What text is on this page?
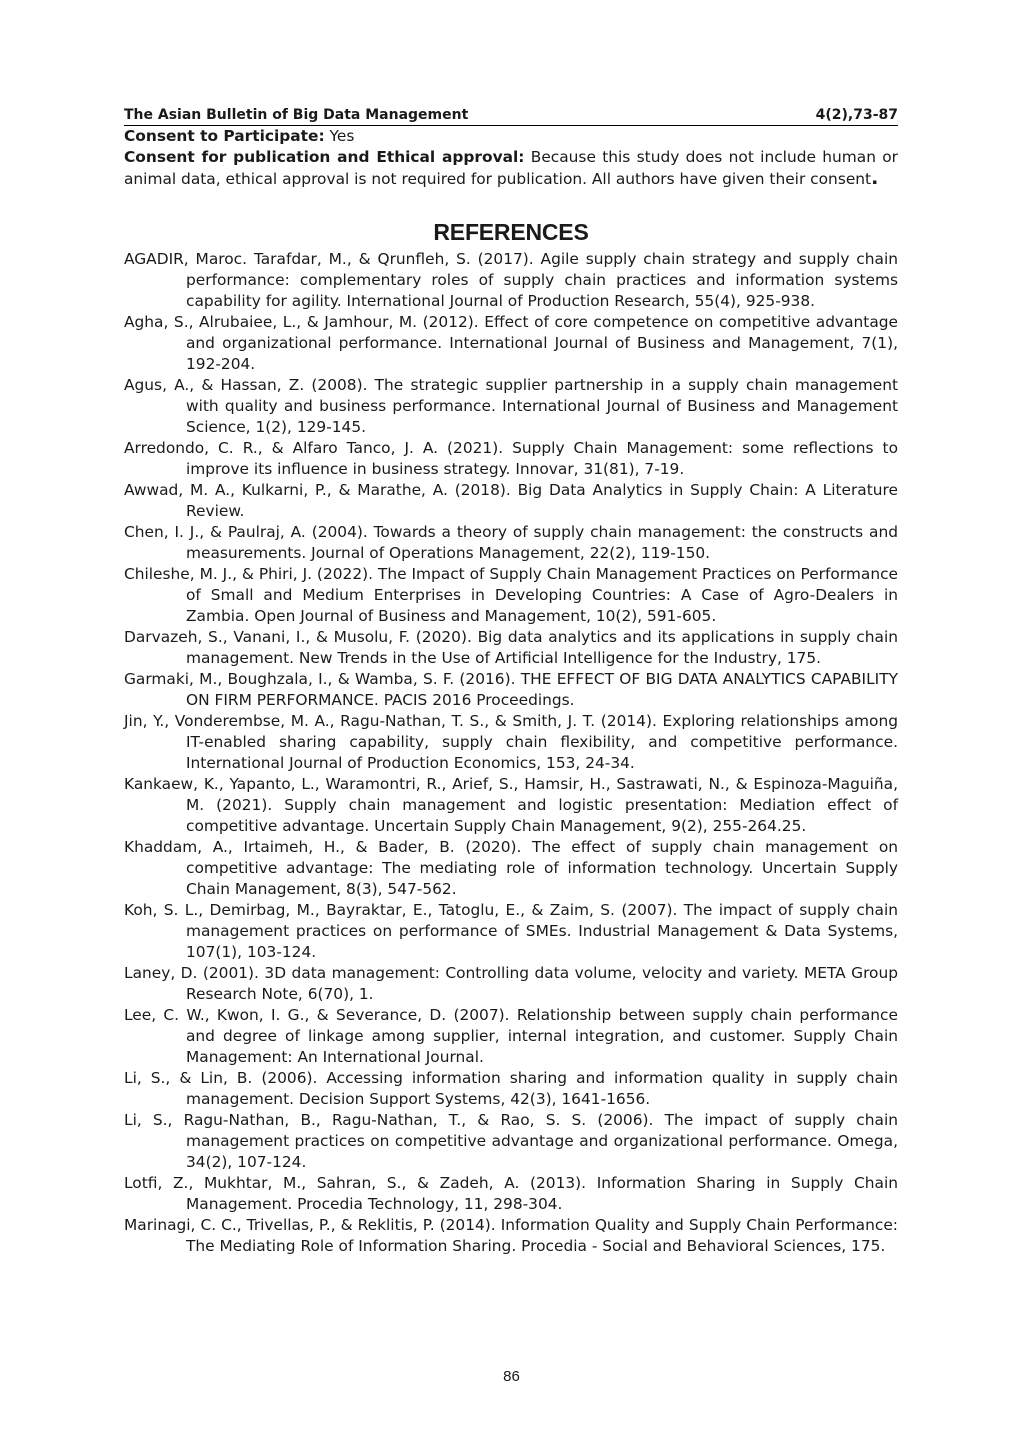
The Asian Bulletin of Big Data Management	4(2),73-87

Consent to Participate: Yes

Consent for publication and Ethical approval: Because this study does not include human or animal data, ethical approval is not required for publication. All authors have given their consent.

REFERENCES
AGADIR, Maroc. Tarafdar, M., & Qrunfleh, S. (2017). Agile supply chain strategy and supply chain performance: complementary roles of supply chain practices and information systems capability for agility. International Journal of Production Research, 55(4), 925-938.
Agha, S., Alrubaiee, L., & Jamhour, M. (2012). Effect of core competence on competitive advantage and organizational performance. International Journal of Business and Management, 7(1), 192-204.
Agus, A., & Hassan, Z. (2008). The strategic supplier partnership in a supply chain management with quality and business performance. International Journal of Business and Management Science, 1(2), 129-145.
Arredondo, C. R., & Alfaro Tanco, J. A. (2021). Supply Chain Management: some reflections to improve its influence in business strategy. Innovar, 31(81), 7-19.
Awwad, M. A., Kulkarni, P., & Marathe, A. (2018). Big Data Analytics in Supply Chain: A Literature Review.
Chen, I. J., & Paulraj, A. (2004). Towards a theory of supply chain management: the constructs and measurements. Journal of Operations Management, 22(2), 119-150.
Chileshe, M. J., & Phiri, J. (2022). The Impact of Supply Chain Management Practices on Performance of Small and Medium Enterprises in Developing Countries: A Case of Agro-Dealers in Zambia. Open Journal of Business and Management, 10(2), 591-605.
Darvazeh, S., Vanani, I., & Musolu, F. (2020). Big data analytics and its applications in supply chain management. New Trends in the Use of Artificial Intelligence for the Industry, 175.
Garmaki, M., Boughzala, I., & Wamba, S. F. (2016). THE EFFECT OF BIG DATA ANALYTICS CAPABILITY ON FIRM PERFORMANCE. PACIS 2016 Proceedings.
Jin, Y., Vonderembse, M. A., Ragu-Nathan, T. S., & Smith, J. T. (2014). Exploring relationships among IT-enabled sharing capability, supply chain flexibility, and competitive performance. International Journal of Production Economics, 153, 24-34.
Kankaew, K., Yapanto, L., Waramontri, R., Arief, S., Hamsir, H., Sastrawati, N., & Espinoza-Maguiña, M. (2021). Supply chain management and logistic presentation: Mediation effect of competitive advantage. Uncertain Supply Chain Management, 9(2), 255-264.25.
Khaddam, A., Irtaimeh, H., & Bader, B. (2020). The effect of supply chain management on competitive advantage: The mediating role of information technology. Uncertain Supply Chain Management, 8(3), 547-562.
Koh, S. L., Demirbag, M., Bayraktar, E., Tatoglu, E., & Zaim, S. (2007). The impact of supply chain management practices on performance of SMEs. Industrial Management & Data Systems, 107(1), 103-124.
Laney, D. (2001). 3D data management: Controlling data volume, velocity and variety. META Group Research Note, 6(70), 1.
Lee, C. W., Kwon, I. G., & Severance, D. (2007). Relationship between supply chain performance and degree of linkage among supplier, internal integration, and customer. Supply Chain Management: An International Journal.
Li, S., & Lin, B. (2006). Accessing information sharing and information quality in supply chain management. Decision Support Systems, 42(3), 1641-1656.
Li, S., Ragu-Nathan, B., Ragu-Nathan, T., & Rao, S. S. (2006). The impact of supply chain management practices on competitive advantage and organizational performance. Omega, 34(2), 107-124.
Lotfi, Z., Mukhtar, M., Sahran, S., & Zadeh, A. (2013). Information Sharing in Supply Chain Management. Procedia Technology, 11, 298-304.
Marinagi, C. C., Trivellas, P., & Reklitis, P. (2014). Information Quality and Supply Chain Performance: The Mediating Role of Information Sharing. Procedia - Social and Behavioral Sciences, 175.
86
